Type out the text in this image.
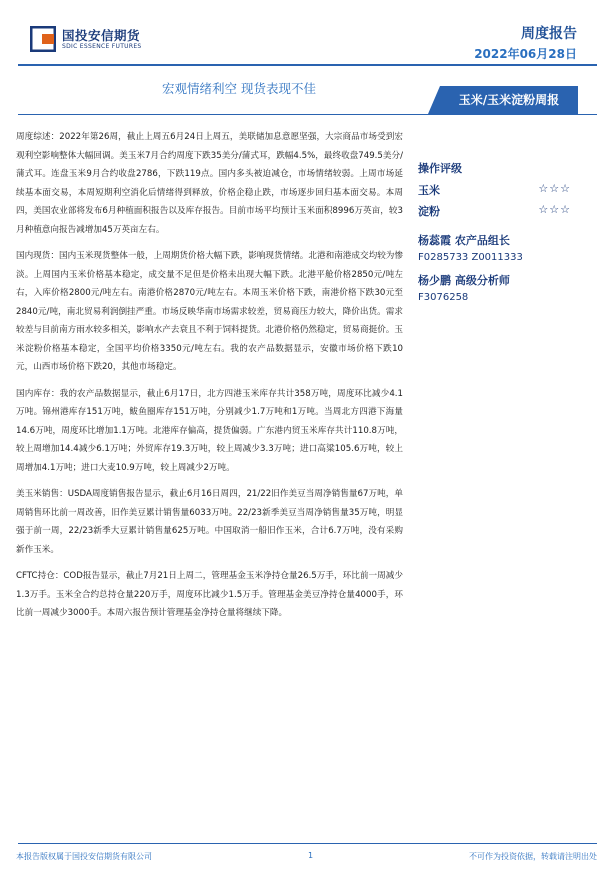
国投安信期货
SDIC ESSENCE FUTURES
周度报告
2022年06月28日
宏观情绪利空 现货表现不佳
玉米/玉米淀粉周报

周度综述：2022年第26周，截止上周五6月24日上周五，美联储加息意愿坚强，大宗商品市场受到宏观利空影响整体大幅回调。美玉米7月合约周度下跌35美分/蒲式耳，跌幅4.5%，最终收盘749.5美分/蒲式耳。连盘玉米9月合约收盘2786，下跌119点。国内多头被迫减仓，市场情绪较弱。上周市场延续基本面交易，本周短期利空消化后情绪得到释放，价格企稳止跌，市场逐步回归基本面交易。本周四，美国农业部将发布6月种植面积报告以及库存报告。目前市场平均预计玉米面积8996万英亩，较3月种植意向报告减增加45万英亩左右。

国内现货：国内玉米现货整体一般，上周期货价格大幅下跌，影响现货情绪。北港和南港成交均较为惨淡。上周国内玉米价格基本稳定，成交量不足但是价格未出现大幅下跌。北港平舱价格2850元/吨左右，入库价格2800元/吨左右。南港价格2870元/吨左右。本周玉米价格下跌，南港价格下跌30元至2840元/吨，南北贸易利润倒挂严重。市场反映华南市场需求较差，贸易商压力较大，降价出货。需求较差与目前南方雨水较多相关，影响水产去衰且不利于饲料提货。北港价格仍然稳定，贸易商挺价。玉米淀粉价格基本稳定，全国平均价格3350元/吨左右。我的农产品数据显示，安徽市场价格下跌10元，山西市场价格下跌20，其他市场稳定。

国内库存：我的农产品数据显示，截止6月17日，北方四港玉米库存共计358万吨，周度环比减少4.1万吨。锦州港库存151万吨，鲅鱼圈库存151万吨，分别减少1.7万吨和1万吨。当周北方四港下海量14.6万吨，周度环比增加1.1万吨。北港库存偏高，提货偏弱。广东港内贸玉米库存共计110.8万吨，较上周增加14.4减少6.1万吨；外贸库存19.3万吨，较上周减少3.3万吨；进口高粱105.6万吨，较上周增加4.1万吨；进口大麦10.9万吨，较上周减少2万吨。

美玉米销售：USDA周度销售报告显示，截止6月16日周四，21/22旧作美豆当周净销售量67万吨，单周销售环比前一周改善，旧作美豆累计销售量6033万吨。22/23新季美豆当周净销售量35万吨，明显强于前一周，22/23新季大豆累计销售量625万吨。中国取消一船旧作玉米，合计6.7万吨，没有采购新作玉米。

CFTC持仓：COD报告显示，截止7月21日上周二，管理基金玉米净持仓量26.5万手，环比前一周减少1.3万手。玉米全合约总持仓量220万手，周度环比减少1.5万手。管理基金美豆净持仓量4000手，环比前一周减少3000手。本周六报告预计管理基金净持仓量将继续下降。

操作评级
玉米	☆☆☆
淀粉	☆☆☆
杨蕊霞 农产品组长
F0285733 Z0011333
杨少鹏 高级分析师
F3076258
本报告版权属于国投安信期货有限公司	1	不可作为投资依据，转载请注明出处
